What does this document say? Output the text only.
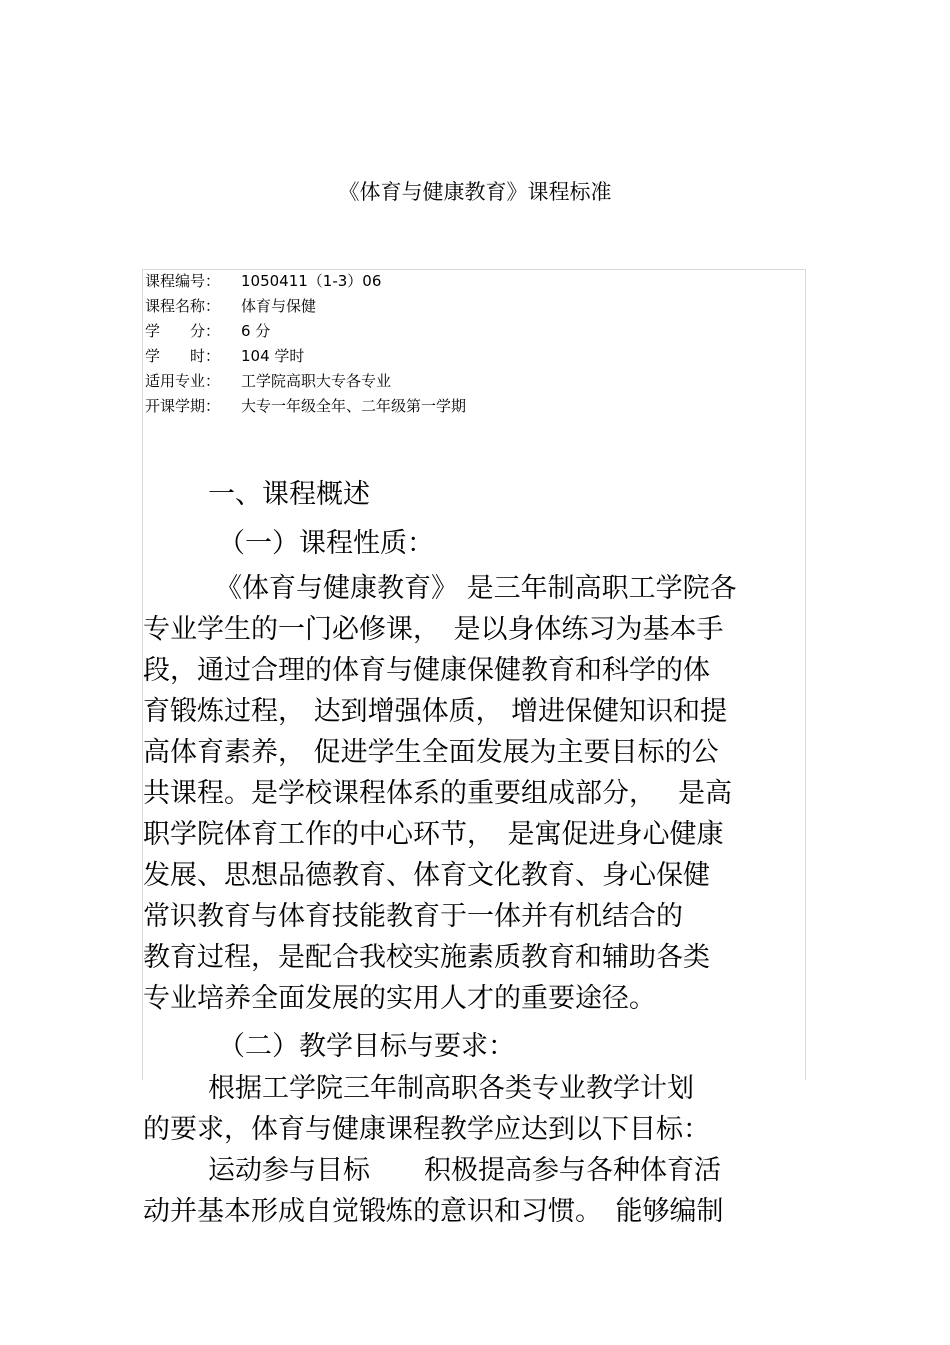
《体育与健康教育》课程标准
课程编号： 1050411（1-3）06
课程名称： 体育与保健
学　　分： 6 分
学　　时： 104 学时
适用专业： 工学院高职大专各专业
开课学期： 大专一年级全年、二年级第一学期
一、课程概述
（一）课程性质：
《体育与健康教育》 是三年制高职工学院各
专业学生的一门必修课，　是以身体练习为基本手
段，通过合理的体育与健康保健教育和科学的体
育锻炼过程， 达到增强体质， 增进保健知识和提
高体育素养， 促进学生全面发展为主要目标的公
共课程。是学校课程体系的重要组成部分，　 是高
职学院体育工作的中心环节，　是寓促进身心健康
发展、思想品德教育、体育文化教育、身心保健
常识教育与体育技能教育于一体并有机结合的
教育过程，是配合我校实施素质教育和辅助各类
专业培养全面发展的实用人才的重要途径。
（二）教学目标与要求：
根据工学院三年制高职各类专业教学计划
的要求，体育与健康课程教学应达到以下目标：
运动参与目标　　积极提高参与各种体育活
动并基本形成自觉锻炼的意识和习惯。　能够编制
